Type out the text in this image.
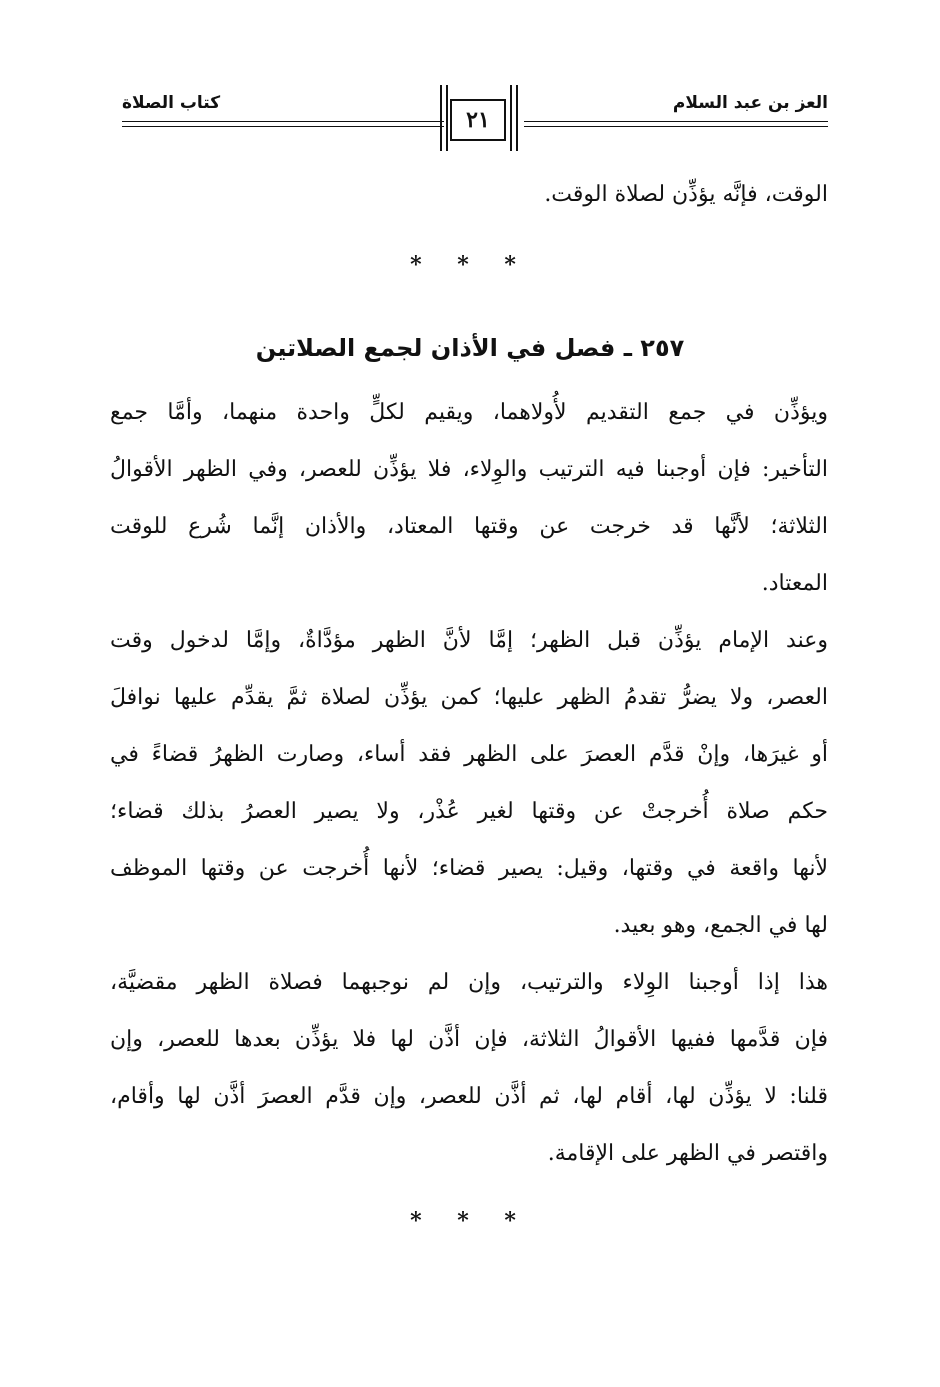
العز بن عبد السلام
كتاب الصلاة
٢١
الوقت، فإنَّه يؤذِّن لصلاة الوقت.
* * *
٢٥٧ ـ فصل في الأذان لجمع الصلاتين
ويؤذِّن في جمع التقديم لأُولاهما، ويقيم لكلٍّ واحدة منهما، وأمَّا جمع
التأخير: فإن أوجبنا فيه الترتيب والوِلاء، فلا يؤذِّن للعصر، وفي الظهر الأقوالُ
الثلاثة؛ لأنَّها قد خرجت عن وقتها المعتاد، والأذان إنَّما شُرع للوقت
المعتاد.
وعند الإمام يؤذِّن قبل الظهر؛ إمَّا لأنَّ الظهر مؤدَّاةٌ، وإمَّا لدخول وقت
العصر، ولا يضرُّ تقدمُ الظهر عليها؛ كمن يؤذِّن لصلاة ثمَّ يقدِّم عليها نوافلَ
أو غيرَها، وإنْ قدَّم العصرَ على الظهر فقد أساء، وصارت الظهرُ قضاءً في
حكم صلاة أُخرجتْ عن وقتها لغير عُذْر، ولا يصير العصرُ بذلك قضاء؛
لأنها واقعة في وقتها، وقيل: يصير قضاء؛ لأنها أُخرجت عن وقتها الموظف
لها في الجمع، وهو بعيد.
هذا إذا أوجبنا الوِلاء والترتيب، وإن لم نوجبهما فصلاة الظهر مقضيَّة،
فإن قدَّمها ففيها الأقوالُ الثلاثة، فإن أذَّن لها فلا يؤذِّن بعدها للعصر، وإن
قلنا: لا يؤذِّن لها، أقام لها، ثم أذَّن للعصر، وإن قدَّم العصرَ أذَّن لها وأقام،
واقتصر في الظهر على الإقامة.
* * *
